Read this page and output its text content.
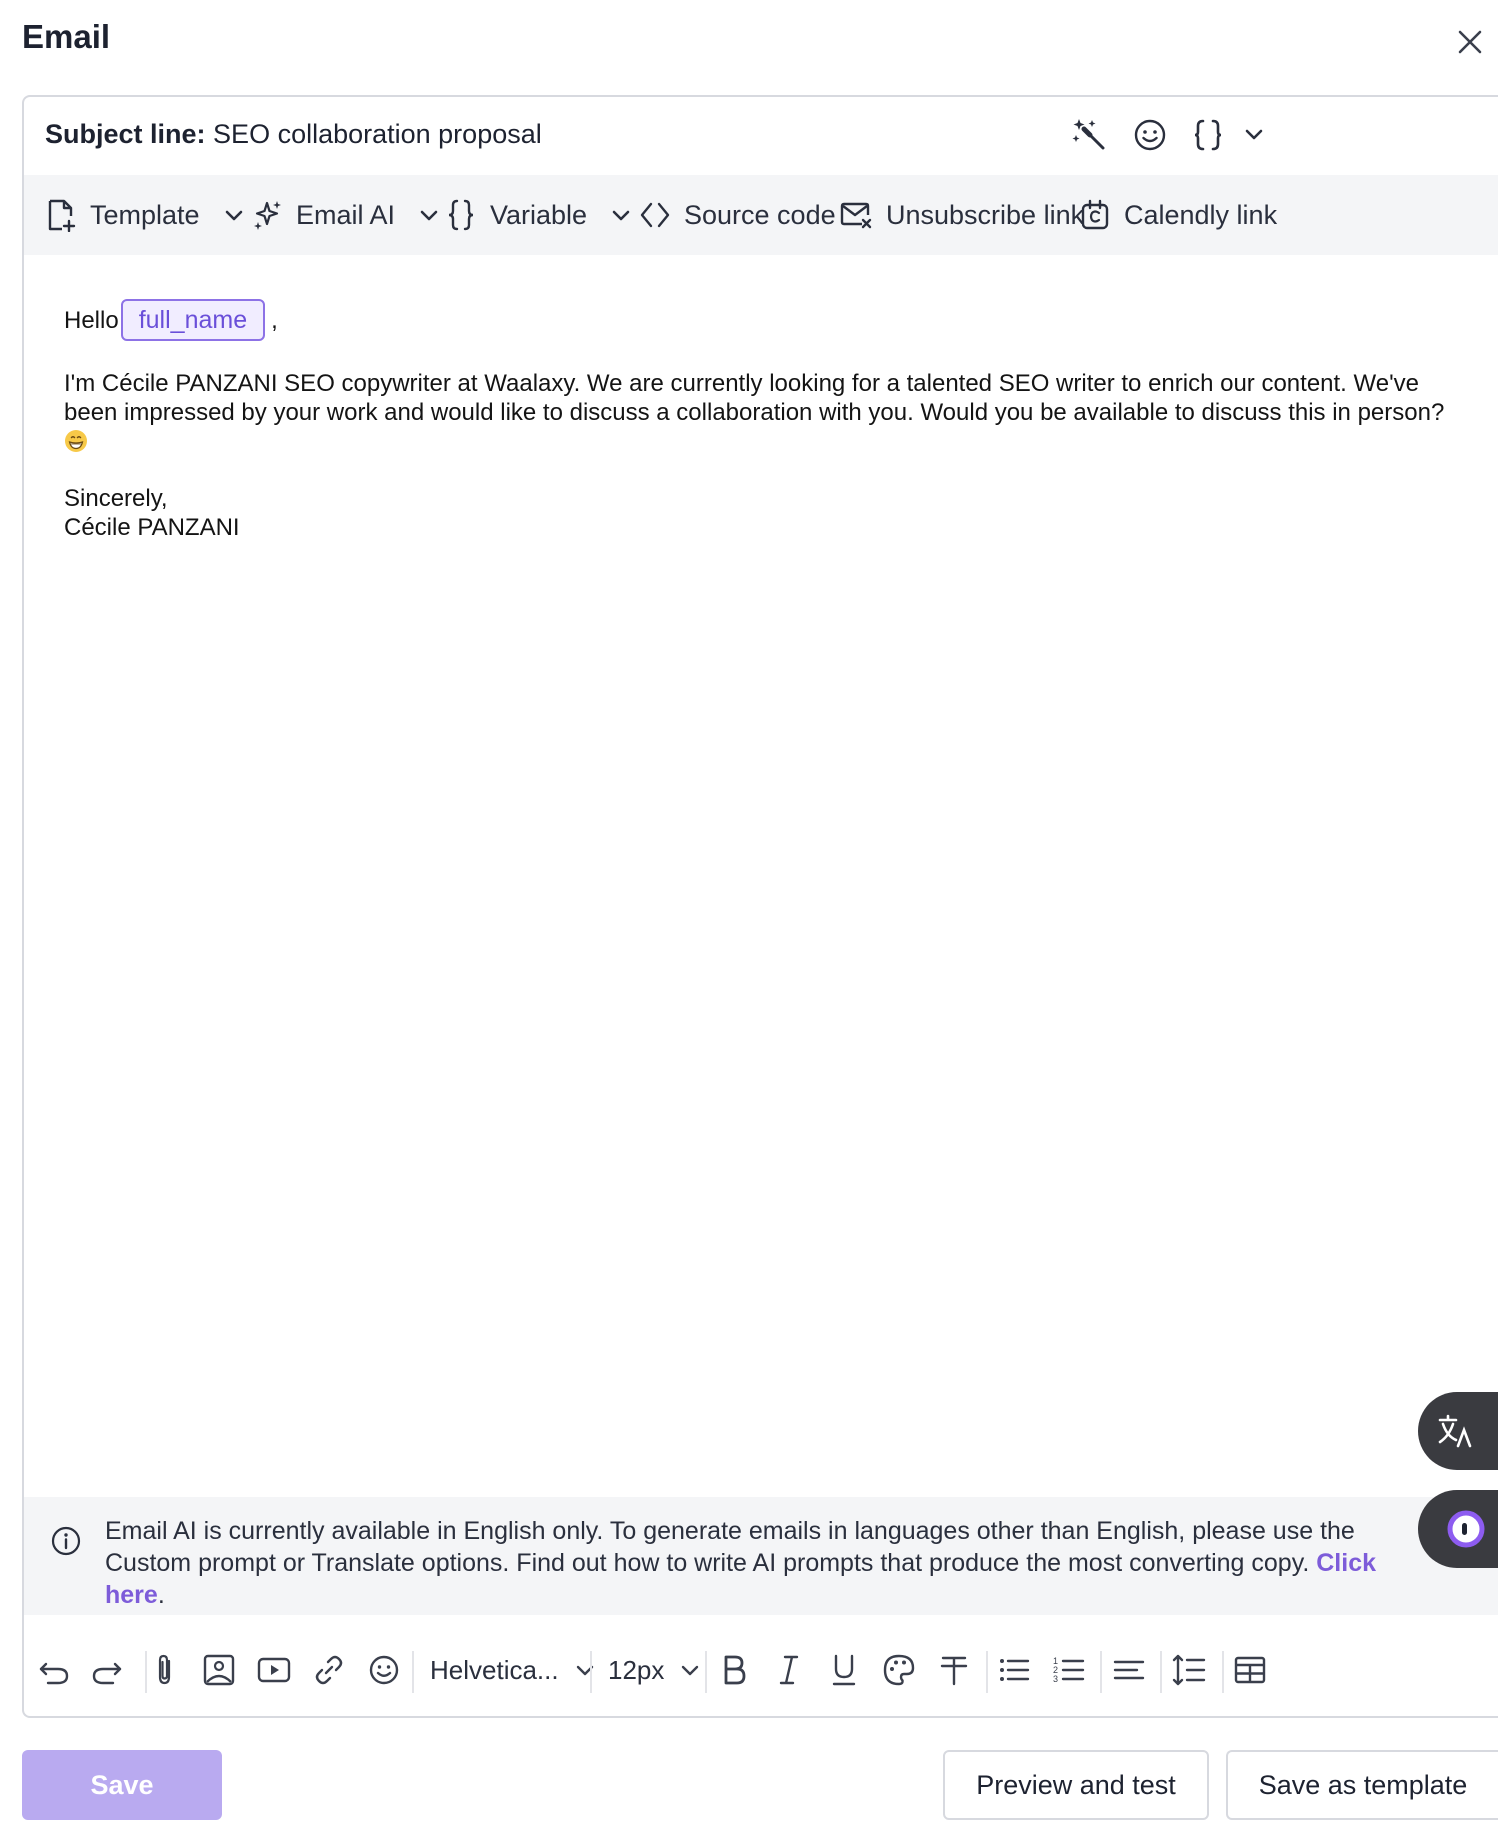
Email
Subject line: SEO collaboration proposal
Template	Email AI	Variable	Source code Unsubscribe link Calendly link
Hello full_name	,
I'm Cécile PANZANI SEO copywriter at Waalaxy. We are currently looking for a talented SEO writer to enrich our content. We've been impressed by your work and would like to discuss a collaboration with you. Would you be available to discuss this in person?
Sincerely,
Cécile PANZANI
Email AI is currently available in English only. To generate emails in languages other than English, please use the Custom prompt or Translate options. Find out how to write AI prompts that produce the most converting copy. Click here.
Helvetica... 12px	1
2
3
Save	Preview and test	Save as template
